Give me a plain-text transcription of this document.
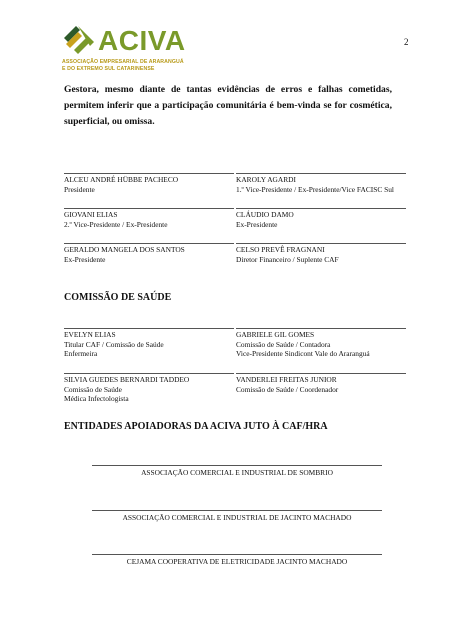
ACIVA
ASSOCIAÇÃO EMPRESARIAL DE ARARANGUÁ
E DO EXTREMO SUL CATARINENSE
2
Gestora, mesmo diante de tantas evidências de erros e falhas cometidas, permitem inferir que a participação comunitária é bem-vinda se for cosmética, superficial, ou omissa.
ALCEU ANDRÉ HÜBBE PACHECO
Presidente
KAROLY AGARDI
1.º Vice-Presidente / Ex-Presidente/Vice FACISC Sul
GIOVANI ELIAS
2.º Vice-Presidente / Ex-Presidente
CLÁUDIO DAMO
Ex-Presidente
GERALDO MANGELA DOS SANTOS
Ex-Presidente
CELSO PREVÊ FRAGNANI
Diretor Financeiro / Suplente CAF
COMISSÃO DE SAÚDE
EVELYN ELIAS
Titular CAF / Comissão de Saúde
Enfermeira
GABRIELE GIL GOMES
Comissão de Saúde / Contadora
Vice-Presidente Sindicont Vale do Araranguá
SILVIA GUEDES BERNARDI TADDEO
Comissão de Saúde
Médica Infectologista
VANDERLEI FREITAS JUNIOR
Comissão de Saúde / Coordenador
ENTIDADES APOIADORAS DA ACIVA JUTO À CAF/HRA
ASSOCIAÇÃO COMERCIAL E INDUSTRIAL DE SOMBRIO
ASSOCIAÇÃO COMERCIAL E INDUSTRIAL DE JACINTO MACHADO
CEJAMA COOPERATIVA DE ELETRICIDADE JACINTO MACHADO
